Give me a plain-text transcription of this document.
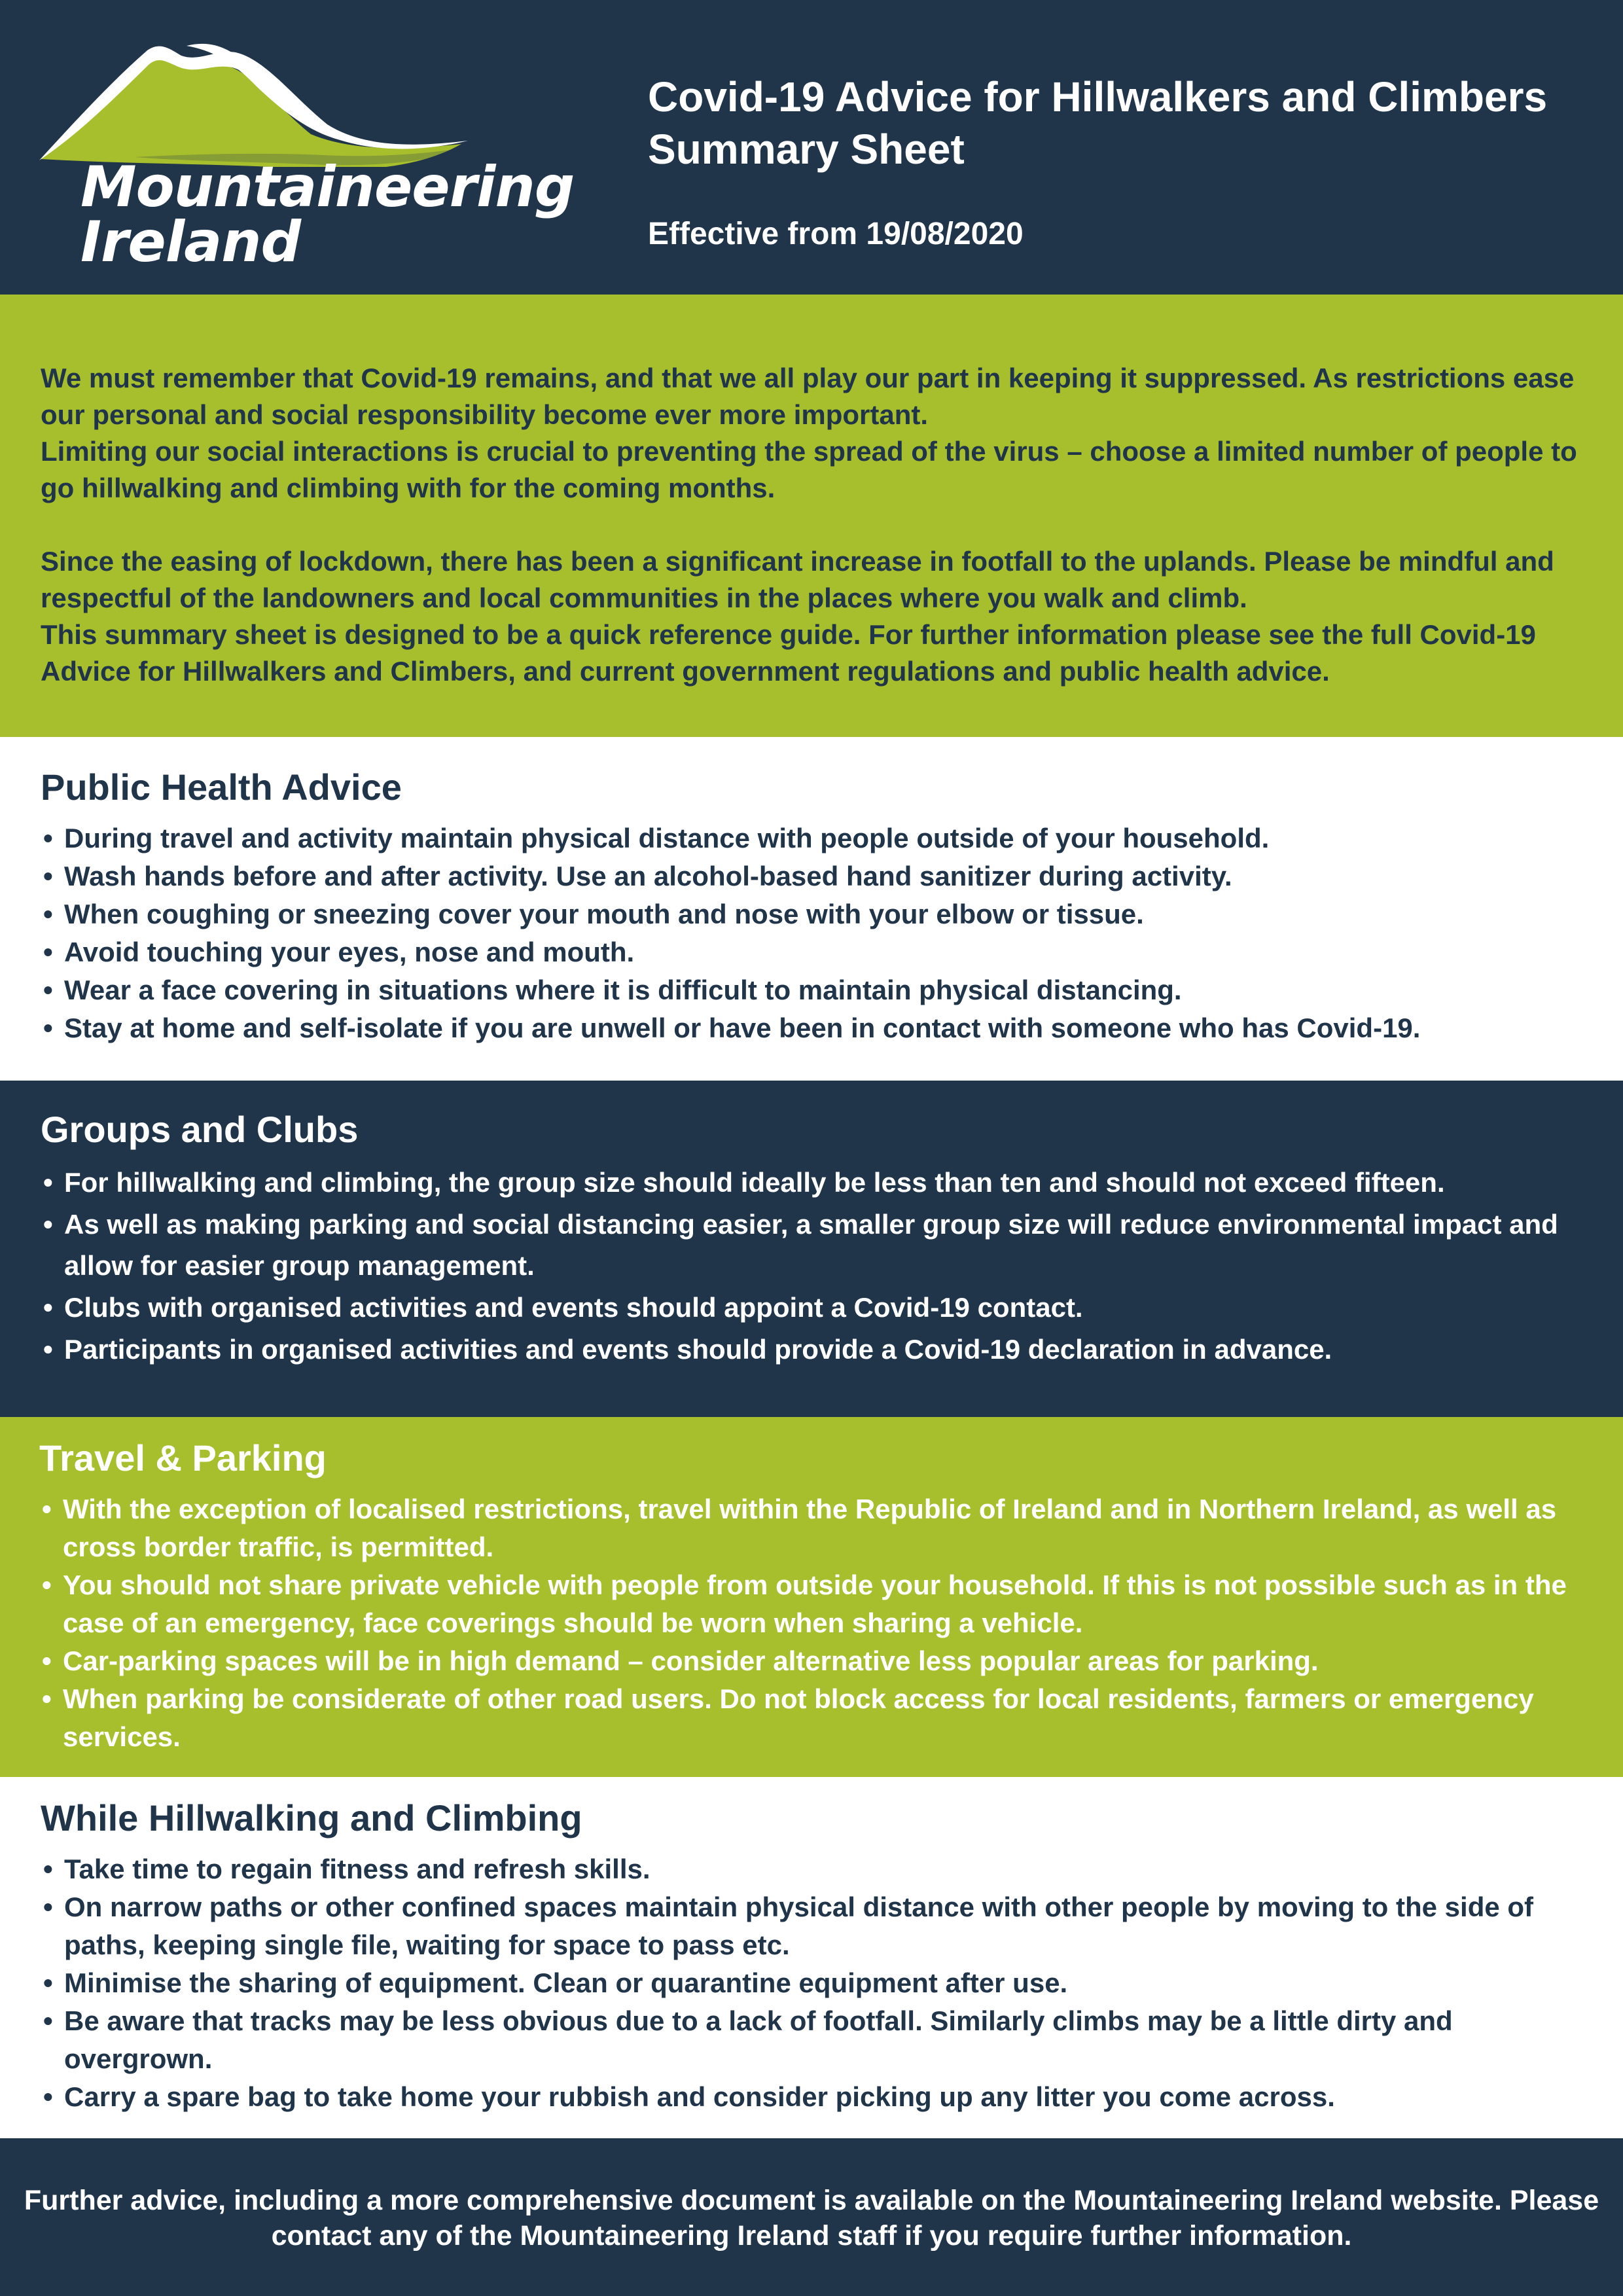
Mountaineering
Ireland
Covid-19 Advice for Hillwalkers and Climbers
Summary Sheet
Effective from 19/08/2020

We must remember that Covid-19 remains, and that we all play our part in keeping it suppressed. As restrictions ease our personal and social responsibility become ever more important.

Limiting our social interactions is crucial to preventing the spread of the virus – choose a limited number of people to go hillwalking and climbing with for the coming months.

Since the easing of lockdown, there has been a significant increase in footfall to the uplands. Please be mindful and respectful of the landowners and local communities in the places where you walk and climb.

This summary sheet is designed to be a quick reference guide. For further information please see the full Covid-19 Advice for Hillwalkers and Climbers, and current government regulations and public health advice.

Public Health Advice
• During travel and activity maintain physical distance with people outside of your household.
• Wash hands before and after activity. Use an alcohol-based hand sanitizer during activity.
• When coughing or sneezing cover your mouth and nose with your elbow or tissue.
• Avoid touching your eyes, nose and mouth.
• Wear a face covering in situations where it is difficult to maintain physical distancing.
• Stay at home and self-isolate if you are unwell or have been in contact with someone who has Covid-19.
Groups and Clubs
• For hillwalking and climbing, the group size should ideally be less than ten and should not exceed fifteen.
• As well as making parking and social distancing easier, a smaller group size will reduce environmental impact and allow for easier group management.
• Clubs with organised activities and events should appoint a Covid-19 contact.
• Participants in organised activities and events should provide a Covid-19 declaration in advance.
Travel & Parking
• With the exception of localised restrictions, travel within the Republic of Ireland and in Northern Ireland, as well as cross border traffic, is permitted.
• You should not share private vehicle with people from outside your household. If this is not possible such as in the case of an emergency, face coverings should be worn when sharing a vehicle.
• Car-parking spaces will be in high demand – consider alternative less popular areas for parking.
• When parking be considerate of other road users. Do not block access for local residents, farmers or emergency services.
While Hillwalking and Climbing
• Take time to regain fitness and refresh skills.
• On narrow paths or other confined spaces maintain physical distance with other people by moving to the side of paths, keeping single file, waiting for space to pass etc.
• Minimise the sharing of equipment. Clean or quarantine equipment after use.
• Be aware that tracks may be less obvious due to a lack of footfall. Similarly climbs may be a little dirty and overgrown.
• Carry a spare bag to take home your rubbish and consider picking up any litter you come across.

Further advice, including a more comprehensive document is available on the Mountaineering Ireland website. Please contact any of the Mountaineering Ireland staff if you require further information.
